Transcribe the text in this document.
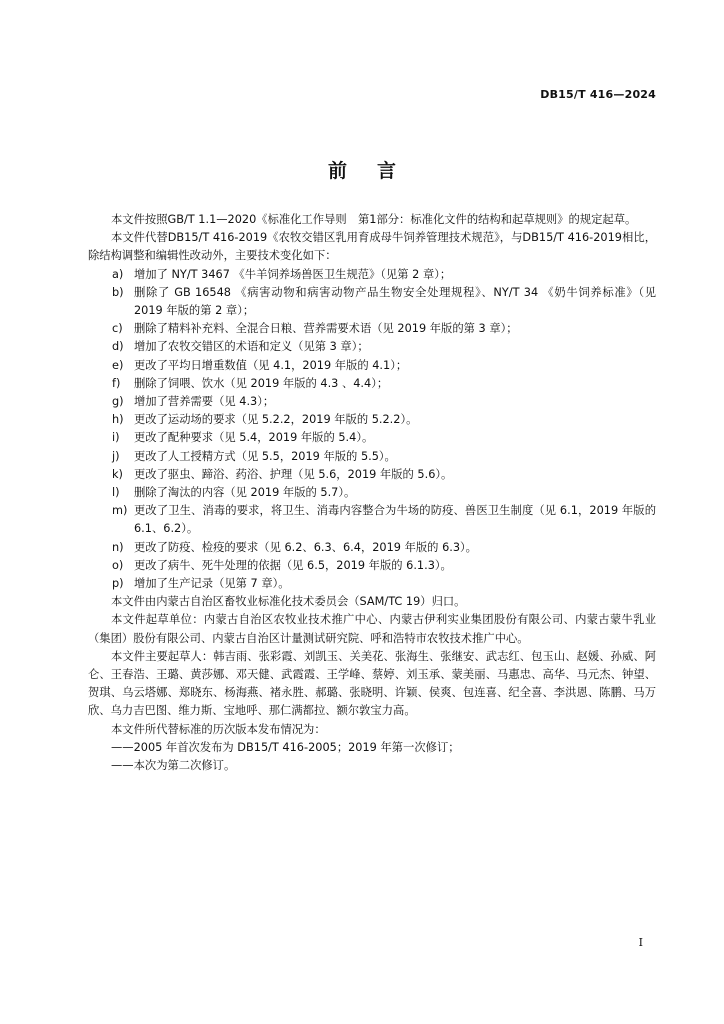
DB15/T 416—2024
前言

本文件按照GB/T 1.1—2020《标准化工作导则　第1部分：标准化文件的结构和起草规则》的规定起草。

本文件代替DB15/T 416-2019《农牧交错区乳用育成母牛饲养管理技术规范》，与DB15/T 416-2019相比，除结构调整和编辑性改动外，主要技术变化如下：

a) 增加了 NY/T 3467 《牛羊饲养场兽医卫生规范》（见第 2 章）；
b) 删除了 GB 16548 《病害动物和病害动物产品生物安全处理规程》、NY/T 34 《奶牛饲养标准》（见 2019 年版的第 2 章）；
c)	删除了精料补充料、全混合日粮、营养需要术语（见 2019 年版的第 3 章）；
d) 增加了农牧交错区的术语和定义（见第 3 章）；
e) 更改了平均日增重数值（见 4.1，2019 年版的 4.1）；
f)	删除了饲喂、饮水（见 2019 年版的 4.3 、4.4）；
g) 增加了营养需要（见 4.3）；
h) 更改了运动场的要求（见 5.2.2，2019 年版的 5.2.2）。
i)	更改了配种要求（见 5.4，2019 年版的 5.4）。
j)	更改了人工授精方式（见 5.5，2019 年版的 5.5）。
k) 更改了驱虫、蹄浴、药浴、护理（见 5.6，2019 年版的 5.6）。
l)	删除了淘汰的内容（见 2019 年版的 5.7）。
m) 更改了卫生、消毒的要求，将卫生、消毒内容整合为牛场的防疫、兽医卫生制度（见 6.1，2019 年版的 6.1、6.2）。
n) 更改了防疫、检疫的要求（见 6.2、6.3、6.4，2019 年版的 6.3）。
o) 更改了病牛、死牛处理的依据（见 6.5，2019 年版的 6.1.3）。
p) 增加了生产记录（见第 7 章）。

本文件由内蒙古自治区畜牧业标准化技术委员会（SAM/TC 19）归口。

本文件起草单位：内蒙古自治区农牧业技术推广中心、内蒙古伊利实业集团股份有限公司、内蒙古蒙牛乳业（集团）股份有限公司、内蒙古自治区计量测试研究院、呼和浩特市农牧技术推广中心。

本文件主要起草人：韩吉雨、张彩霞、刘凯玉、关美花、张海生、张继安、武志红、包玉山、赵媛、孙威、阿仑、王春浩、王璐、黄莎娜、邓天健、武霞霞、王学峰、蔡婷、刘玉承、蒙美丽、马惠忠、高华、马元杰、钟望、贺琪、乌云塔娜、郑晓东、杨海燕、褚永胜、郝璐、张晓明、许颖、侯爽、包连喜、纪全喜、李洪恩、陈鹏、马万欣、乌力吉巴图、维力斯、宝地呼、那仁满都拉、额尔敦宝力高。

本文件所代替标准的历次版本发布情况为：

——2005 年首次发布为 DB15/T 416-2005；2019 年第一次修订；

——本次为第二次修订。

I
